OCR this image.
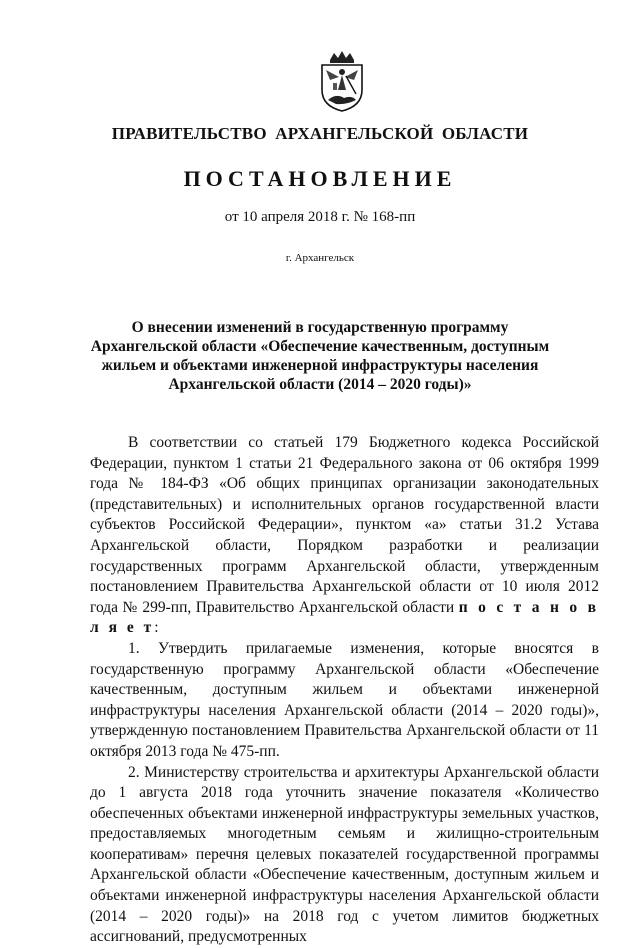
ПРАВИТЕЛЬСТВО АРХАНГЕЛЬСКОЙ ОБЛАСТИ
ПОСТАНОВЛЕНИЕ
от 10 апреля 2018 г. № 168-пп
г. Архангельск
О внесении изменений в государственную программу Архангельской области «Обеспечение качественным, доступным жильем и объектами инженерной инфраструктуры населения Архангельской области (2014 – 2020 годы)»

В соответствии со статьей 179 Бюджетного кодекса Российской Федерации, пунктом 1 статьи 21 Федерального закона от 06 октября 1999 года № 184-ФЗ «Об общих принципах организации законодательных (представительных) и исполнительных органов государственной власти субъектов Российской Федерации», пунктом «а» статьи 31.2 Устава Архангельской области, Порядком разработки и реализации государственных программ Архангельской области, утвержденным постановлением Правительства Архангельской области от 10 июля 2012 года № 299-пп, Правительство Архангельской области п о с т а н о в л я е т:

1. Утвердить прилагаемые изменения, которые вносятся в государственную программу Архангельской области «Обеспечение качественным, доступным жильем и объектами инженерной инфраструктуры населения Архангельской области (2014 – 2020 годы)», утвержденную постановлением Правительства Архангельской области от 11 октября 2013 года № 475-пп.

2. Министерству строительства и архитектуры Архангельской области до 1 августа 2018 года уточнить значение показателя «Количество обеспеченных объектами инженерной инфраструктуры земельных участков, предоставляемых многодетным семьям и жилищно-строительным кооперативам» перечня целевых показателей государственной программы Архангельской области «Обеспечение качественным, доступным жильем и объектами инженерной инфраструктуры населения Архангельской области (2014 – 2020 годы)» на 2018 год с учетом лимитов бюджетных ассигнований, предусмотренных
